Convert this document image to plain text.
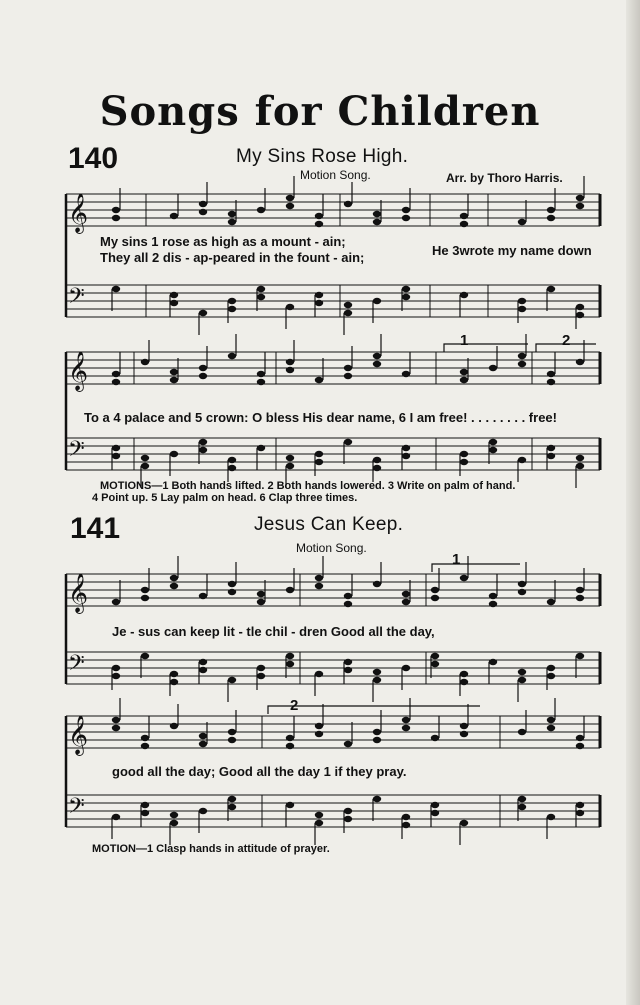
Songs for Children
140	My Sins Rose High.
Motion Song.	Arr. by Thoro Harris.
My sins 1 rose as high as a mount - ain;
They all 2 dis - ap-peared in the fount - ain;	He 3wrote my name down
To a 4 palace and 5 crown: O bless His dear name, 6 I am free! . . . . . . . . free!
1	2
MOTIONS—1 Both hands lifted. 2 Both hands lowered. 3 Write on palm of hand.
4 Point up. 5 Lay palm on head. 6 Clap three times.
141	Jesus Can Keep.
Motion Song.
1
2
Je - sus can keep lit - tle chil - dren Good all the day,
good all the day; Good all the day 1 if they pray.
MOTION—1 Clasp hands in attitude of prayer.
𝄞
𝄢
𝄞
𝄢
𝄞
𝄢
𝄞
𝄢
